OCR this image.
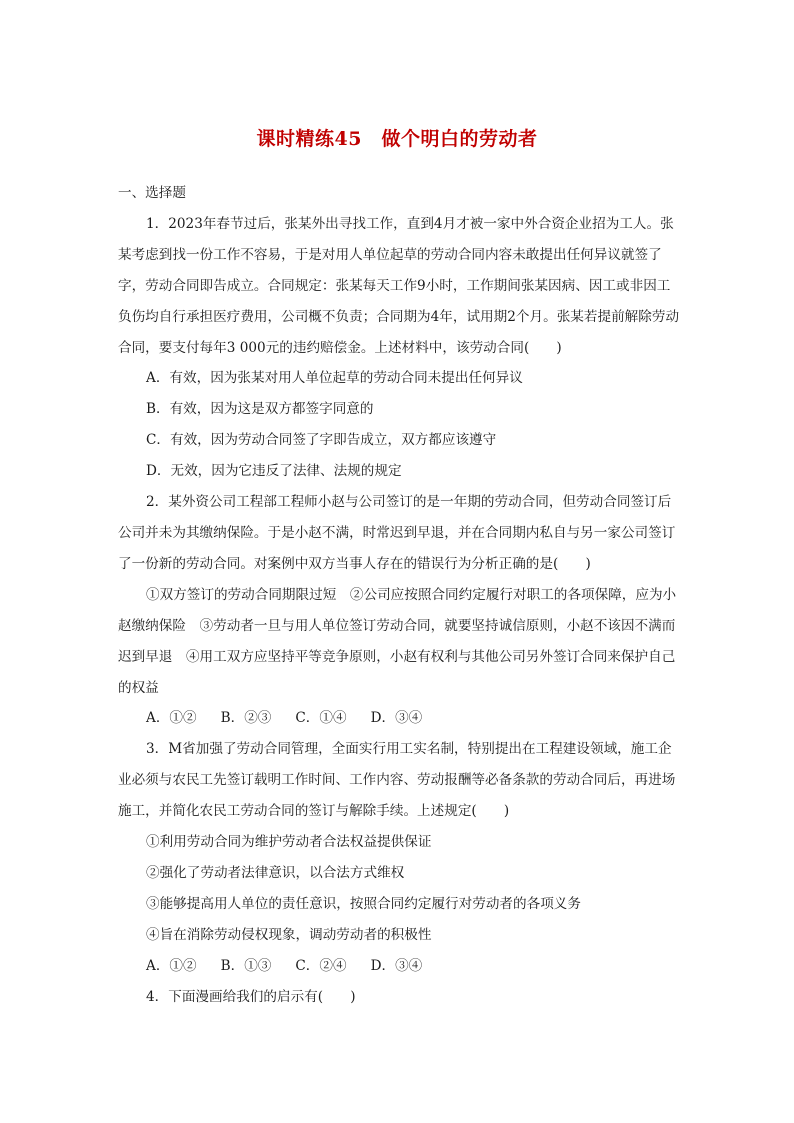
课时精练45　做个明白的劳动者

一、选择题

1．2023年春节过后，张某外出寻找工作，直到4月才被一家中外合资企业招为工人。张某考虑到找一份工作不容易，于是对用人单位起草的劳动合同内容未敢提出任何异议就签了字，劳动合同即告成立。合同规定：张某每天工作9小时，工作期间张某因病、因工或非因工负伤均自行承担医疗费用，公司概不负责；合同期为4年，试用期2个月。张某若提前解除劳动合同，要支付每年3 000元的违约赔偿金。上述材料中，该劳动合同(　　)

A．有效，因为张某对用人单位起草的劳动合同未提出任何异议

B．有效，因为这是双方都签字同意的

C．有效，因为劳动合同签了字即告成立，双方都应该遵守

D．无效，因为它违反了法律、法规的规定

2．某外资公司工程部工程师小赵与公司签订的是一年期的劳动合同，但劳动合同签订后公司并未为其缴纳保险。于是小赵不满，时常迟到早退，并在合同期内私自与另一家公司签订了一份新的劳动合同。对案例中双方当事人存在的错误行为分析正确的是(　　)

①双方签订的劳动合同期限过短　②公司应按照合同约定履行对职工的各项保障，应为小赵缴纳保险　③劳动者一旦与用人单位签订劳动合同，就要坚持诚信原则，小赵不该因不满而迟到早退　④用工双方应坚持平等竞争原则，小赵有权利与其他公司另外签订合同来保护自己的权益

A．①② B．②③ C．①④ D．③④

3．M省加强了劳动合同管理，全面实行用工实名制，特别提出在工程建设领域，施工企业必须与农民工先签订载明工作时间、工作内容、劳动报酬等必备条款的劳动合同后，再进场施工，并简化农民工劳动合同的签订与解除手续。上述规定(　　)

①利用劳动合同为维护劳动者合法权益提供保证

②强化了劳动者法律意识，以合法方式维权

③能够提高用人单位的责任意识，按照合同约定履行对劳动者的各项义务

④旨在消除劳动侵权现象，调动劳动者的积极性

A．①② B．①③ C．②④ D．③④

4．下面漫画给我们的启示有(　　)
